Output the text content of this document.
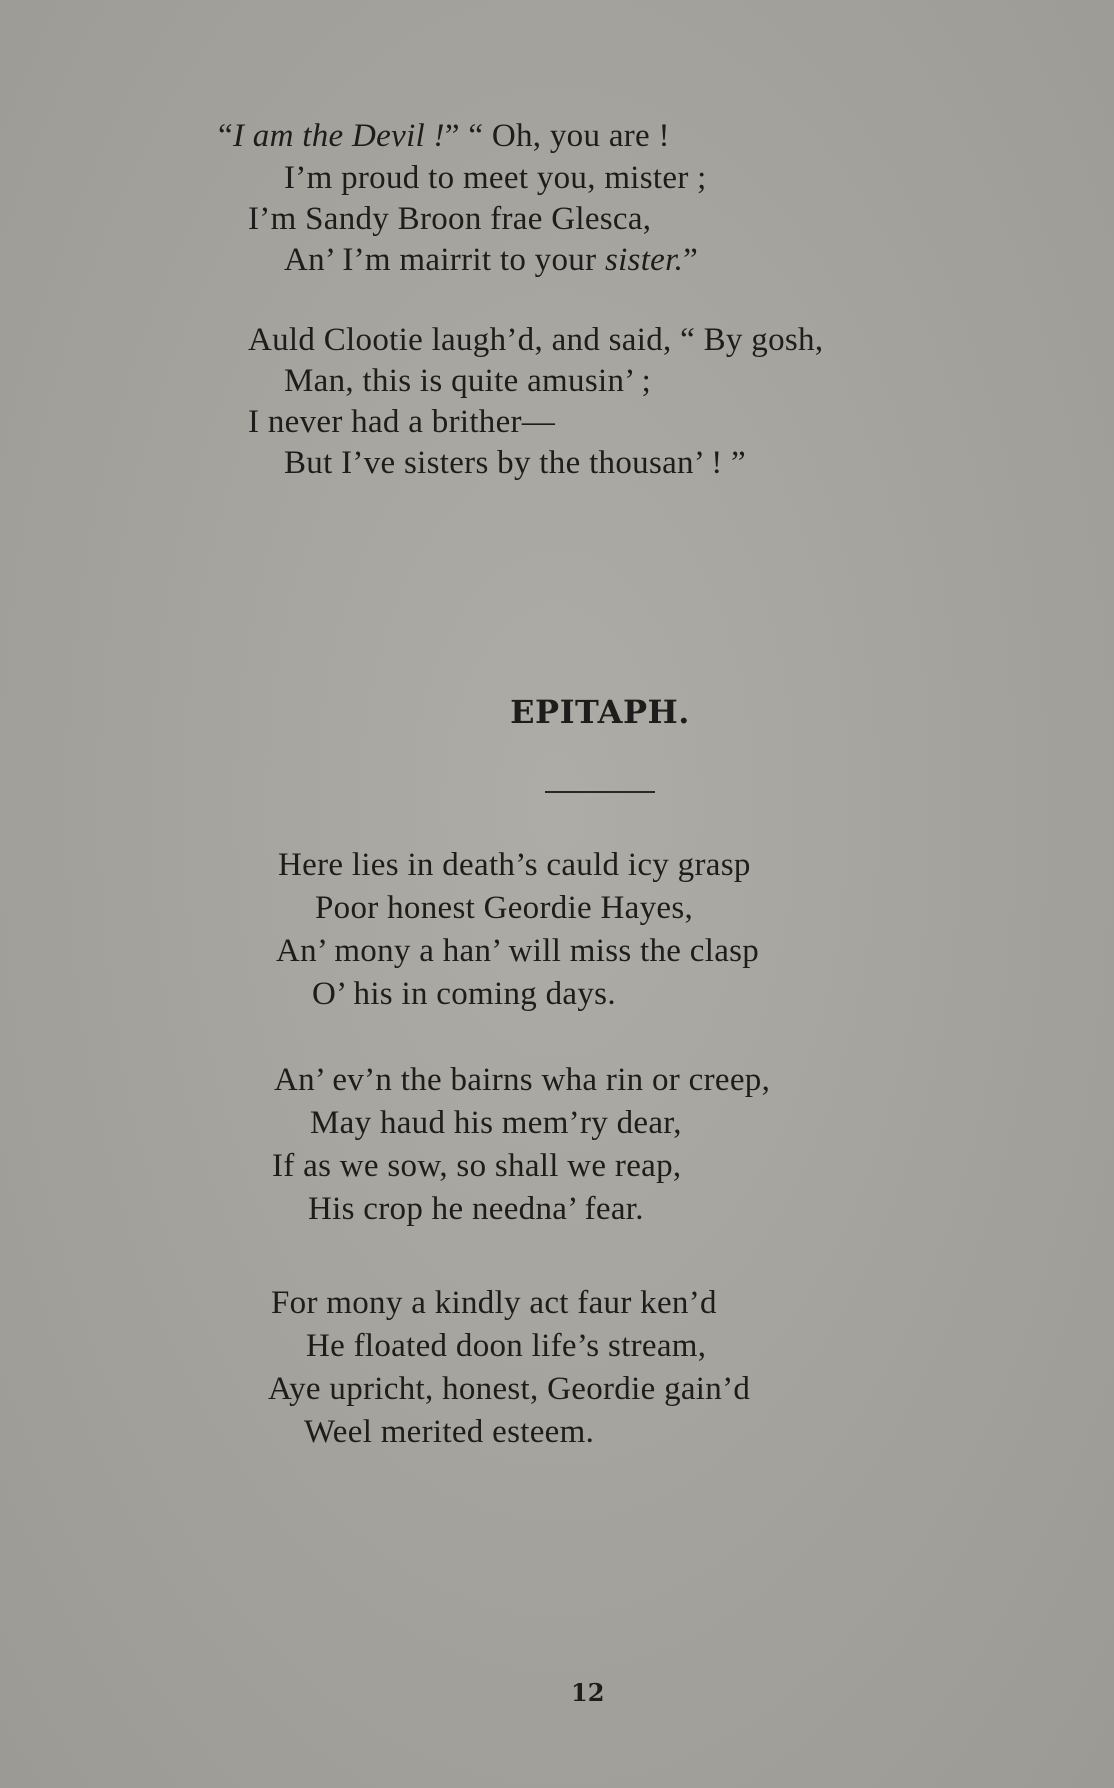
“I am the Devil !” “ Oh, you are !
I’m proud to meet you, mister ;
I’m Sandy Broon frae Glesca,
An’ I’m mairrit to your sister.”
Auld Clootie laugh’d, and said, “ By gosh,
Man, this is quite amusin’ ;
I never had a brither—
But I’ve sisters by the thousan’ ! ”
EPITAPH.
Here lies in death’s cauld icy grasp
Poor honest Geordie Hayes,
An’ mony a han’ will miss the clasp
O’ his in coming days.
An’ ev’n the bairns wha rin or creep,
May haud his mem’ry dear,
If as we sow, so shall we reap,
His crop he needna’ fear.
For mony a kindly act faur ken’d
He floated doon life’s stream,
Aye upricht, honest, Geordie gain’d
Weel merited esteem.
12
